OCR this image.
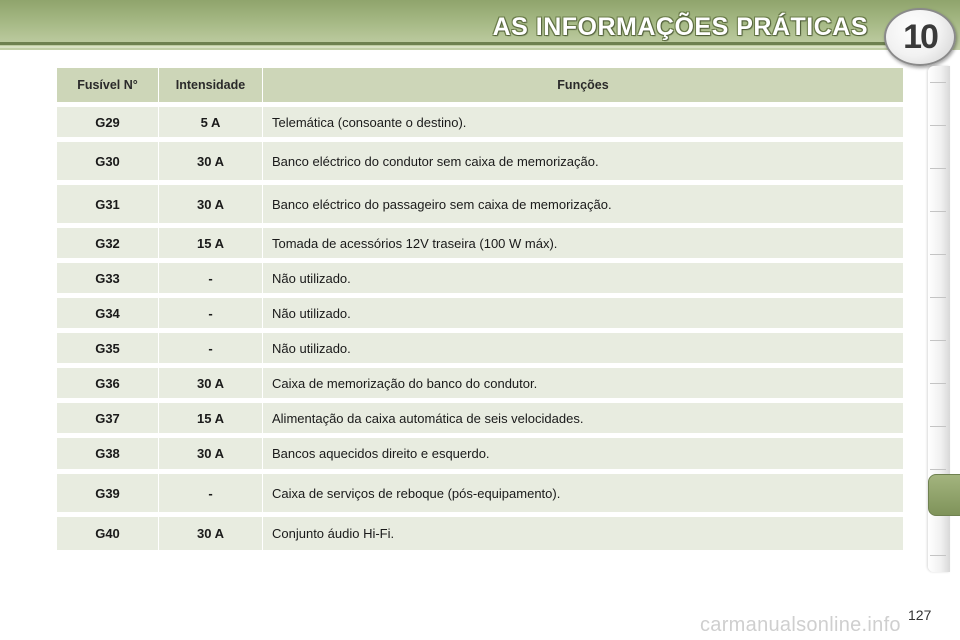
AS INFORMAÇÕES PRÁTICAS 10
Fusível N°	Intensidade	Funções
G29	5 A	Telemática (consoante o destino).
G30	30 A	Banco eléctrico do condutor sem caixa de memorização.
G31	30 A	Banco eléctrico do passageiro sem caixa de memorização.
G32	15 A	Tomada de acessórios 12V traseira (100 W máx).
G33	-	Não utilizado.
G34	-	Não utilizado.
G35	-	Não utilizado.
G36	30 A	Caixa de memorização do banco do condutor.
G37	15 A	Alimentação da caixa automática de seis velocidades.
G38	30 A	Bancos aquecidos direito e esquerdo.
G39	-	Caixa de serviços de reboque (pós-equipamento).
G40	30 A	Conjunto áudio Hi-Fi.
127
carmanualsonline.info
